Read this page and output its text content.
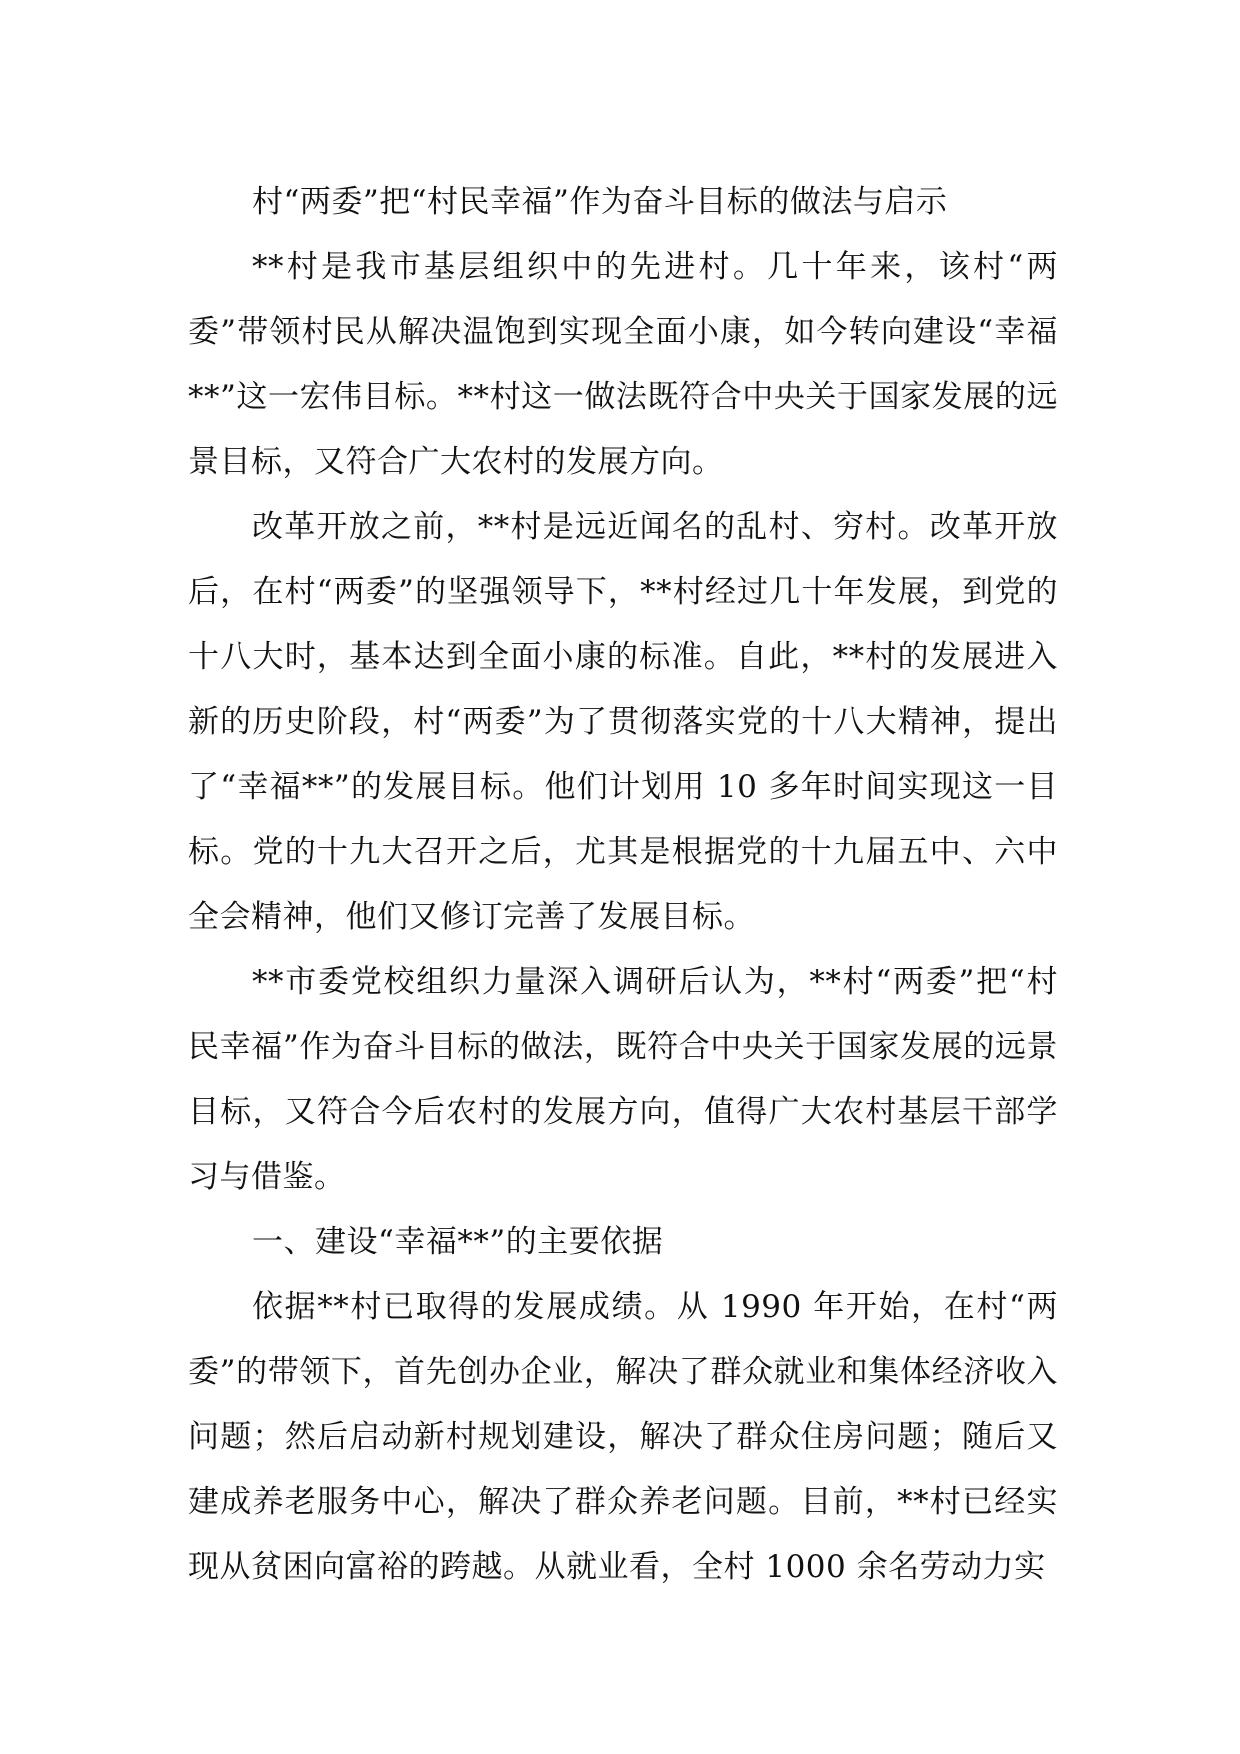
村“两委”把“村民幸福”作为奋斗目标的做法与启示

**村是我市基层组织中的先进村。几十年来，该村“两委”带领村民从解决温饱到实现全面小康，如今转向建设“幸福**”这一宏伟目标。**村这一做法既符合中央关于国家发展的远景目标，又符合广大农村的发展方向。

改革开放之前，**村是远近闻名的乱村、穷村。改革开放后，在村“两委”的坚强领导下，**村经过几十年发展，到党的十八大时，基本达到全面小康的标准。自此，**村的发展进入新的历史阶段，村“两委”为了贯彻落实党的十八大精神，提出了“幸福**”的发展目标。他们计划用 10 多年时间实现这一目标。党的十九大召开之后，尤其是根据党的十九届五中、六中全会精神，他们又修订完善了发展目标。

**市委党校组织力量深入调研后认为，**村“两委”把“村民幸福”作为奋斗目标的做法，既符合中央关于国家发展的远景目标，又符合今后农村的发展方向，值得广大农村基层干部学习与借鉴。

一、建设“幸福**”的主要依据

依据**村已取得的发展成绩。从 1990 年开始，在村“两委”的带领下，首先创办企业，解决了群众就业和集体经济收入问题；然后启动新村规划建设，解决了群众住房问题；随后又建成养老服务中心，解决了群众养老问题。目前，**村已经实现从贫困向富裕的跨越。从就业看，全村 1000 余名劳动力实
